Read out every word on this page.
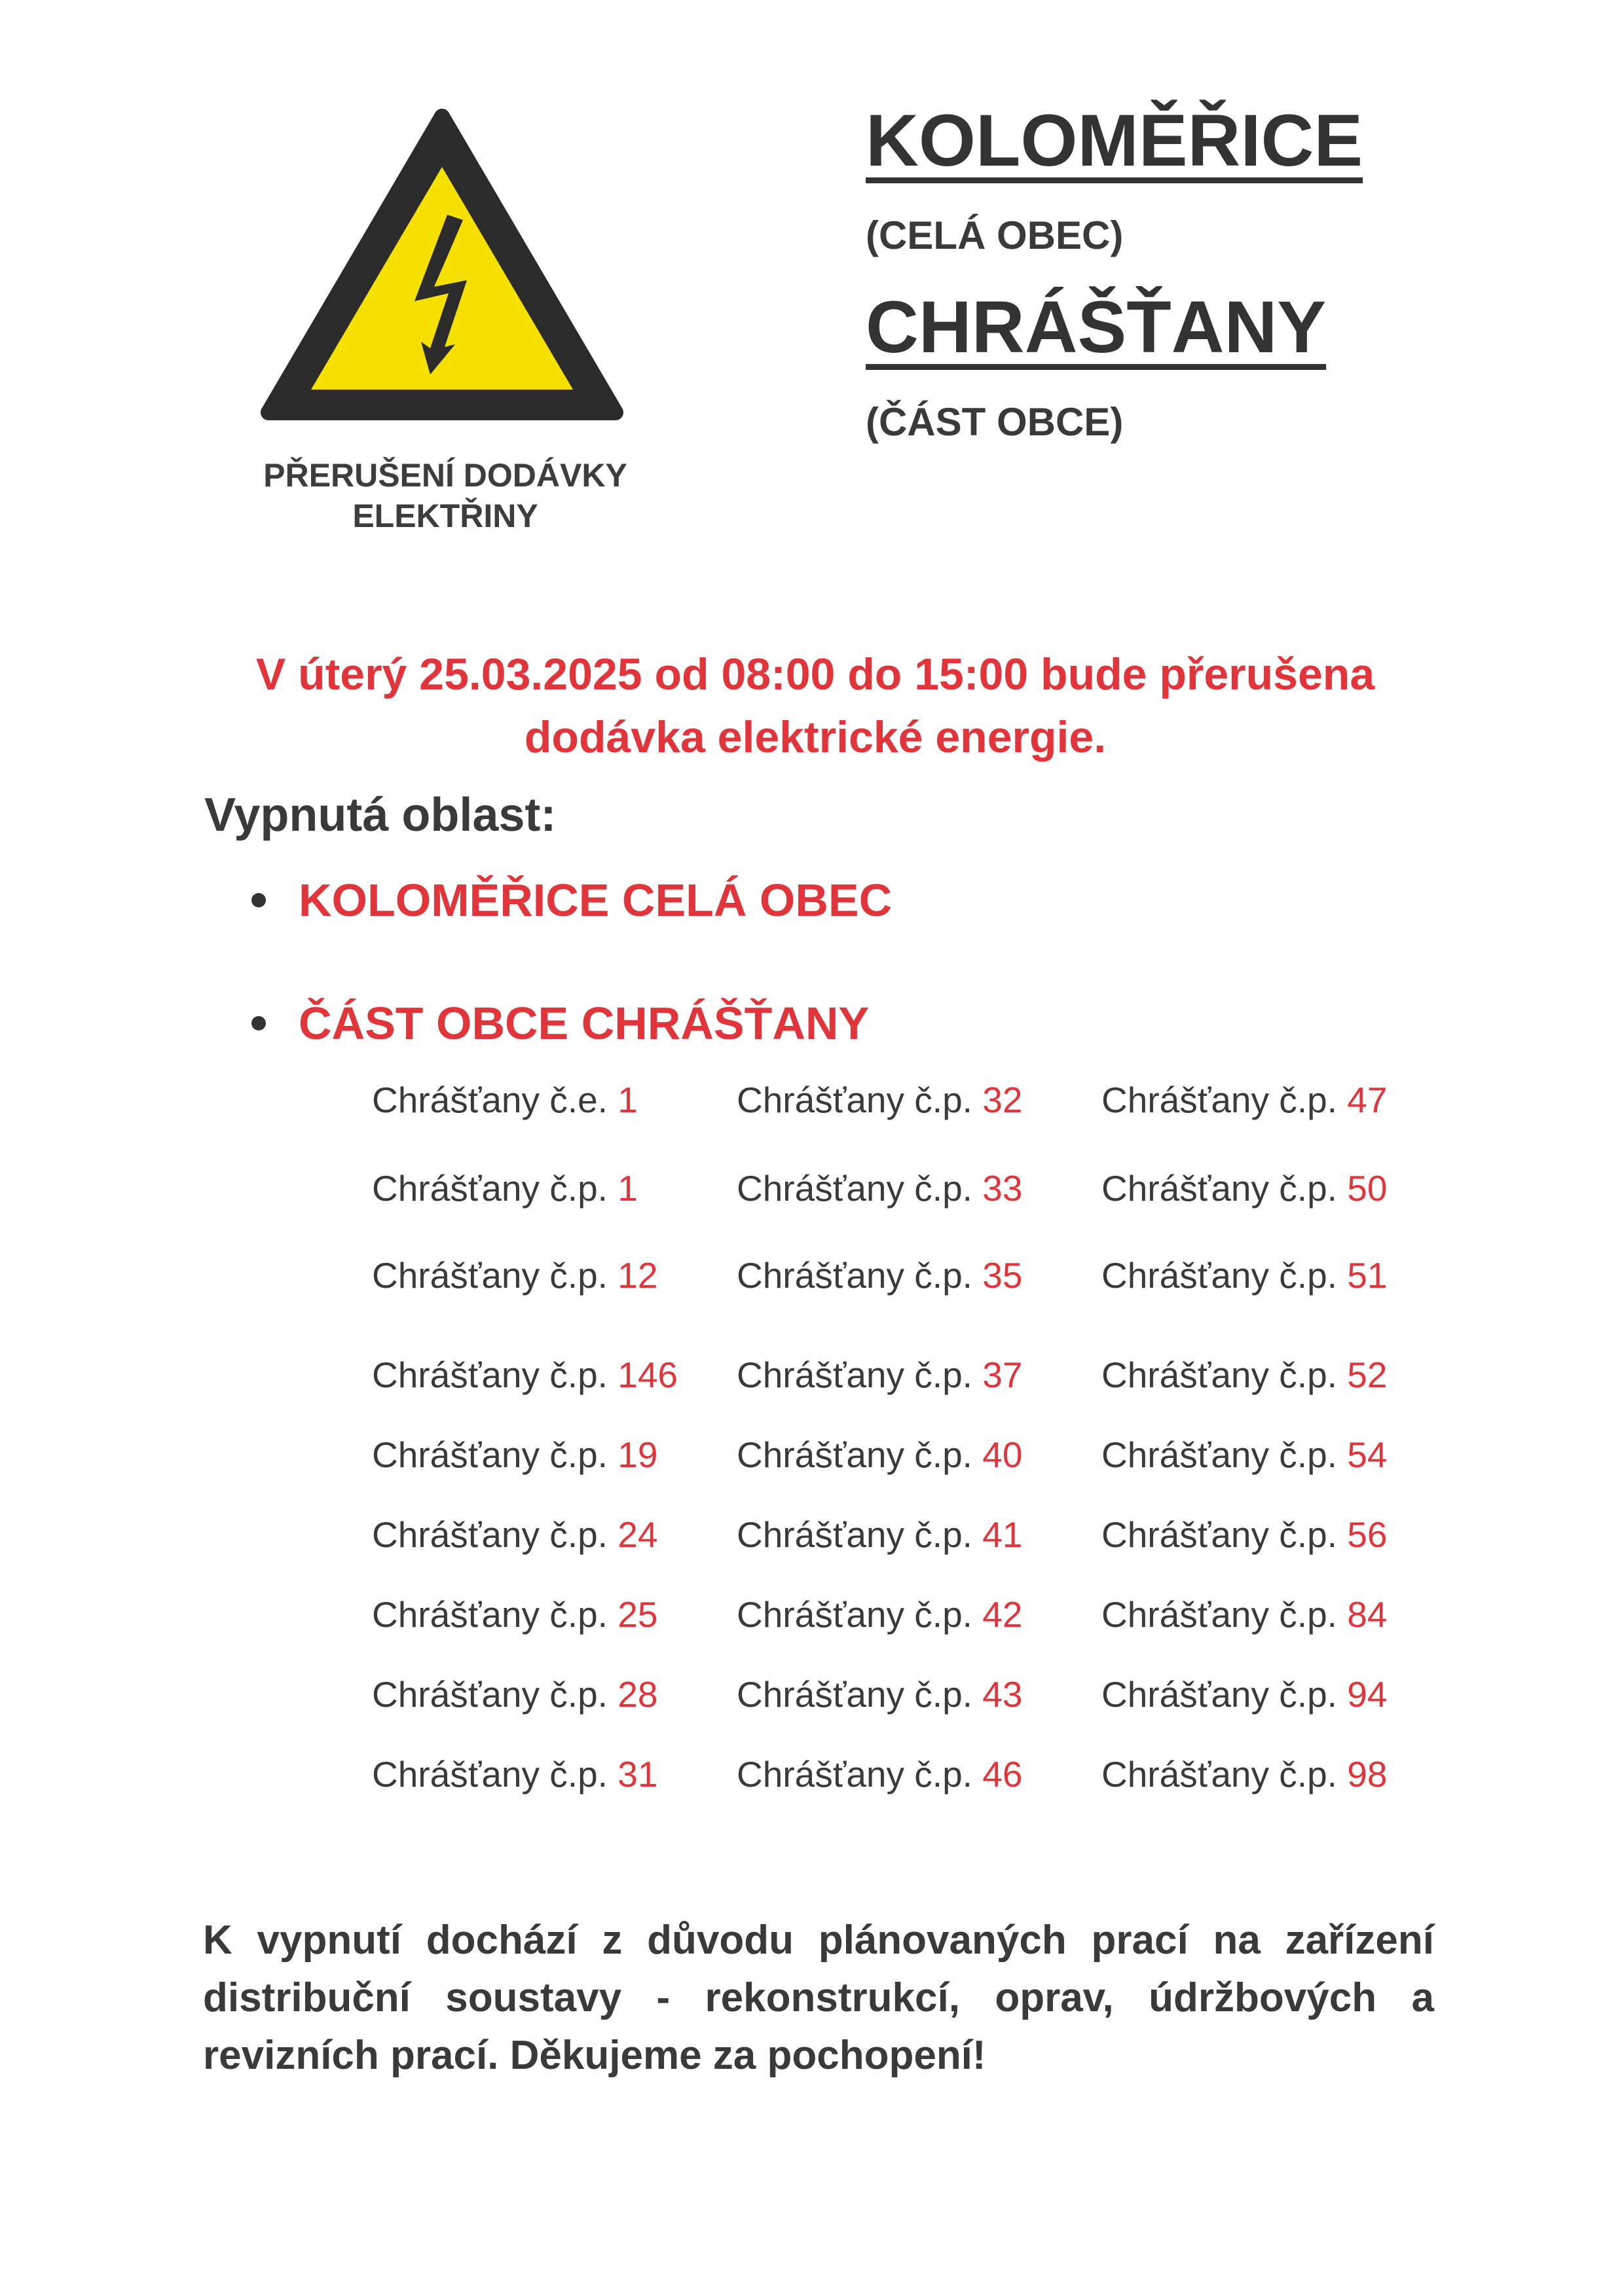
PŘERUŠENÍ DODÁVKY
ELEKTŘINY
KOLOMĚŘICE

(CELÁ OBEC)

CHRÁŠŤANY

(ČÁST OBCE)

V úterý 25.03.2025 od 08:00 do 15:00 bude přerušena
dodávka elektrické energie.
Vypnutá oblast:
KOLOMĚŘICE CELÁ OBEC
ČÁST OBCE CHRÁŠŤANY
Chrášťany č.e. 1
Chrášťany č.p. 1
Chrášťany č.p. 12
Chrášťany č.p. 146
Chrášťany č.p. 19
Chrášťany č.p. 24
Chrášťany č.p. 25
Chrášťany č.p. 28
Chrášťany č.p. 31
Chrášťany č.p. 32
Chrášťany č.p. 33
Chrášťany č.p. 35
Chrášťany č.p. 37
Chrášťany č.p. 40
Chrášťany č.p. 41
Chrášťany č.p. 42
Chrášťany č.p. 43
Chrášťany č.p. 46
Chrášťany č.p. 47
Chrášťany č.p. 50
Chrášťany č.p. 51
Chrášťany č.p. 52
Chrášťany č.p. 54
Chrášťany č.p. 56
Chrášťany č.p. 84
Chrášťany č.p. 94
Chrášťany č.p. 98
K vypnutí dochází z důvodu plánovaných prací na zařízení distribuční soustavy - rekonstrukcí, oprav, údržbových a revizních prací. Děkujeme za pochopení!
